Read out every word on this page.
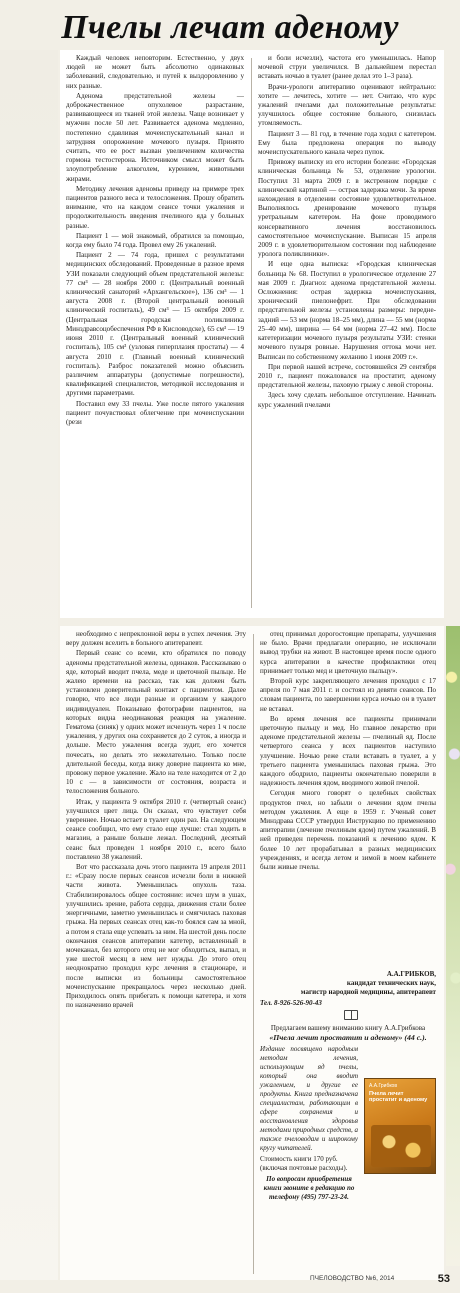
Пчелы лечат аденому

Каждый человек неповторим. Естественно, у двух людей не может быть абсолютно одинаковых заболеваний, следовательно, и путей к выздоровлению у них разные.

Аденома предстательной железы — доброкачественное опухолевое разрастание, развивающееся из тканей этой железы. Чаще возникает у мужчин после 50 лет. Развивается аденома медленно, постепенно сдавливая мочеиспускательный канал и затрудняя опорожнение мочевого пузыря. Принято считать, что ее рост вызван увеличением количества гормона тестостерона. Источником смысл может быть злоупотребление алкоголем, курением, животными жирами.

Методику лечения аденомы приведу на примере трех пациентов разного веса и телосложения. Прошу обратить внимание, что на каждом сеансе точки ужаления и продолжительность введения пчелиного яда у больных разные.

Пациент 1 — мой знакомый, обратился за помощью, когда ему было 74 года. Провел ему 26 ужалений.

Пациент 2 — 74 года, пришел с результатами медицинских обследований. Проведенные в разное время УЗИ показали следующий объем предстательной железы: 77 см³ — 28 ноября 2000 г. (Центральный военный клинический санаторий «Архангельское»), 136 см³ — 1 августа 2008 г. (Второй центральный военный клинический госпиталь), 49 см³ — 15 октября 2009 г. (Центральная городская поликлиника Минздравсоцобеспечения РФ в Кисловодске), 65 см³ — 19 июня 2010 г. (Центральный военный клинический госпиталь), 105 см³ (узловая гиперплазия простаты) — 4 августа 2010 г. (Главный военный клинический госпиталь). Разброс показателей можно объяснить различием аппаратуры (допустимые погрешности), квалификацией специалистов, методикой исследования и другими параметрами.

Поставил ему 33 пчелы. Уже после пятого ужаления пациент почувствовал облегчение при мочеиспускании (рези

и боли исчезли), частота его уменьшилась. Напор мочевой струи увеличился. В дальнейшем перестал вставать ночью в туалет (ранее делал это 1–3 раза).

Врачи-урологи апитерапию оценивают нейтрально: хотите — лечитесь, хотите — нет. Считаю, что курс ужалений пчелами дал положительные результаты: улучшилось общее состояние больного, снизилась утомляемость.

Пациент 3 — 81 год, в течение года ходил с катетером. Ему была предложена операция по выводу мочеиспускательного канала через пупок.

Привожу выписку из его истории болезни: «Городская клиническая больница № 53, отделение урологии. Поступил 31 марта 2009 г. в экстренном порядке с клинической картиной — острая задержка мочи. За время нахождения в отделении состояние удовлетворительное. Выполнялось дренирование мочевого пузыря уретральным катетером. На фоне проводимого консервативного лечения восстановилось самостоятельное мочеиспускание. Выписан 15 апреля 2009 г. в удовлетворительном состоянии под наблюдение уролога поликлиники».

И еще одна выписка: «Городская клиническая больница № 68. Поступил в урологическое отделение 27 мая 2009 г. Диагноз: аденома предстательной железы. Осложнения: острая задержка мочеиспускания, хронический пиелонефрит. При обследовании предстательной железы установлены размеры: передне-задний — 53 мм (норма 18–25 мм), длина — 55 мм (норма 25–40 мм), ширина — 64 мм (норма 27–42 мм). После катетеризации мочевого пузыря результаты УЗИ: стенки мочевого пузыря ровные. Нарушения оттока мочи нет. Выписан по собственному желанию 1 июня 2009 г.».

При первой нашей встрече, состоявшейся 29 сентября 2010 г., пациент пожаловался на простатит, аденому предстательной железы, паховую грыжу с левой стороны.

Здесь хочу сделать небольшое отступление. Начинать курс ужалений пчелами

необходимо с непреклонной веры в успех лечения. Эту веру должен вселить в больного апитерапевт.

Первый сеанс со всеми, кто обратился по поводу аденомы предстательной железы, одинаков. Рассказываю о яде, который вводит пчела, меде и цветочной пыльце. Не жалею времени на рассказ, так как должен быть установлен доверительный контакт с пациентом. Далее говорю, что все люди разные и организм у каждого индивидуален. Показываю фотографии пациентов, на которых видна неодинаковая реакция на ужаление. Гематома (синяк) у одних может исчезнуть через 1 ч после ужаления, у других она сохраняется до 2 суток, а иногда и дольше. Место ужаления всегда зудит, его хочется почесать, но делать это нежелательно. Только после длительной беседы, когда вижу доверие пациента ко мне, провожу первое ужаление. Жало на теле находится от 2 до 10 с — в зависимости от состояния, возраста и телосложения больного.

Итак, у пациента 9 октября 2010 г. (четвертый сеанс) улучшился цвет лица. Он сказал, что чувствует себя увереннее. Ночью встает в туалет один раз. На следующем сеансе сообщил, что ему стало еще лучше: стал ходить в магазин, а раньше больше лежал. Последний, десятый сеанс был проведен 1 ноября 2010 г., всего было поставлено 38 ужалений.

Вот что рассказала дочь этого пациента 19 апреля 2011 г.: «Сразу после первых сеансов исчезли боли в нижней части живота. Уменьшилась опухоль таза. Стабилизировалось общее состояние: исчез шум в ушах, улучшились зрение, работа сердца, движения стали более энергичными, заметно уменьшилась и смягчилась паховая грыжа. На первых сеансах отец как-то боялся сам за мной, а потом я стала еще успевать за ним. На шестой день после окончания сеансов апитерапии катетер, вставленный в мочеканал, без которого отец не мог обходиться, выпал, и уже шестой месяц в нем нет нужды. До этого отец неоднократно проходил курс лечения в стационаре, и после выписки из больницы самостоятельное мочеиспускание прекращалось через несколько дней. Приходилось опять прибегать к помощи катетера, и хотя по назначению врачей

отец принимал дорогостоящие препараты, улучшения не было. Врачи предлагали операцию, не исключали вывод трубки на живот. В настоящее время после одного курса апитерапии в качестве профилактики отец принимает только мед и цветочную пыльцу».

Второй курс закрепляющего лечения проходил с 17 апреля по 7 мая 2011 г. и состоял из девяти сеансов. По словам пациента, по завершении курса ночью он в туалет не вставал.

Во время лечения все пациенты принимали цветочную пыльцу и мед. Но главное лекарство при аденоме предстательной железы — пчелиный яд. После четвертого сеанса у всех пациентов наступило улучшение. Ночью реже стали вставать в туалет, а у третьего пациента уменьшилась паховая грыжа. Это каждого ободрило, пациенты окончательно поверили в надежность лечения ядом, вводимого живой пчелой.

Сегодня много говорят о целебных свойствах продуктов пчел, но забыли о лечении ядом пчелы методом ужаления. А еще в 1959 г. Ученый совет Минздрава СССР утвердил Инструкцию по применению апитерапии (лечение пчелиным ядом) путем ужалений. В ней приведен перечень показаний к лечению ядом. К более 10 лет прорабатывал в разных медицинских учреждениях, и всегда летом и зимой в моем кабинете были живые пчелы.

А.А.ГРИБКОВ,
кандидат технических наук,
магистр народной медицины, апитерапевт
Тел. 8-926-526-90-43
Предлагаем вашему вниманию книгу А.А.Грибкова
«Пчела лечит простатит и аденому» (44 с.).
Издание посвящено народным методам лечения, использующим яд пчелы, который она вводит ужалением, и другие ее продукты. Книга предназначена специалистам, работающим в сфере сохранения и восстановления здоровья методами природных средств, а также пчеловодам и широкому кругу читателей.
Стоимость книги 170 руб. (включая почтовые расходы).
По вопросам приобретения книги звоните в редакцию по телефону (495) 797-23-24.
А.А.Грибков
Пчела лечит простатит и аденому
ПЧЕЛОВОДСТВО №6, 2014	53
